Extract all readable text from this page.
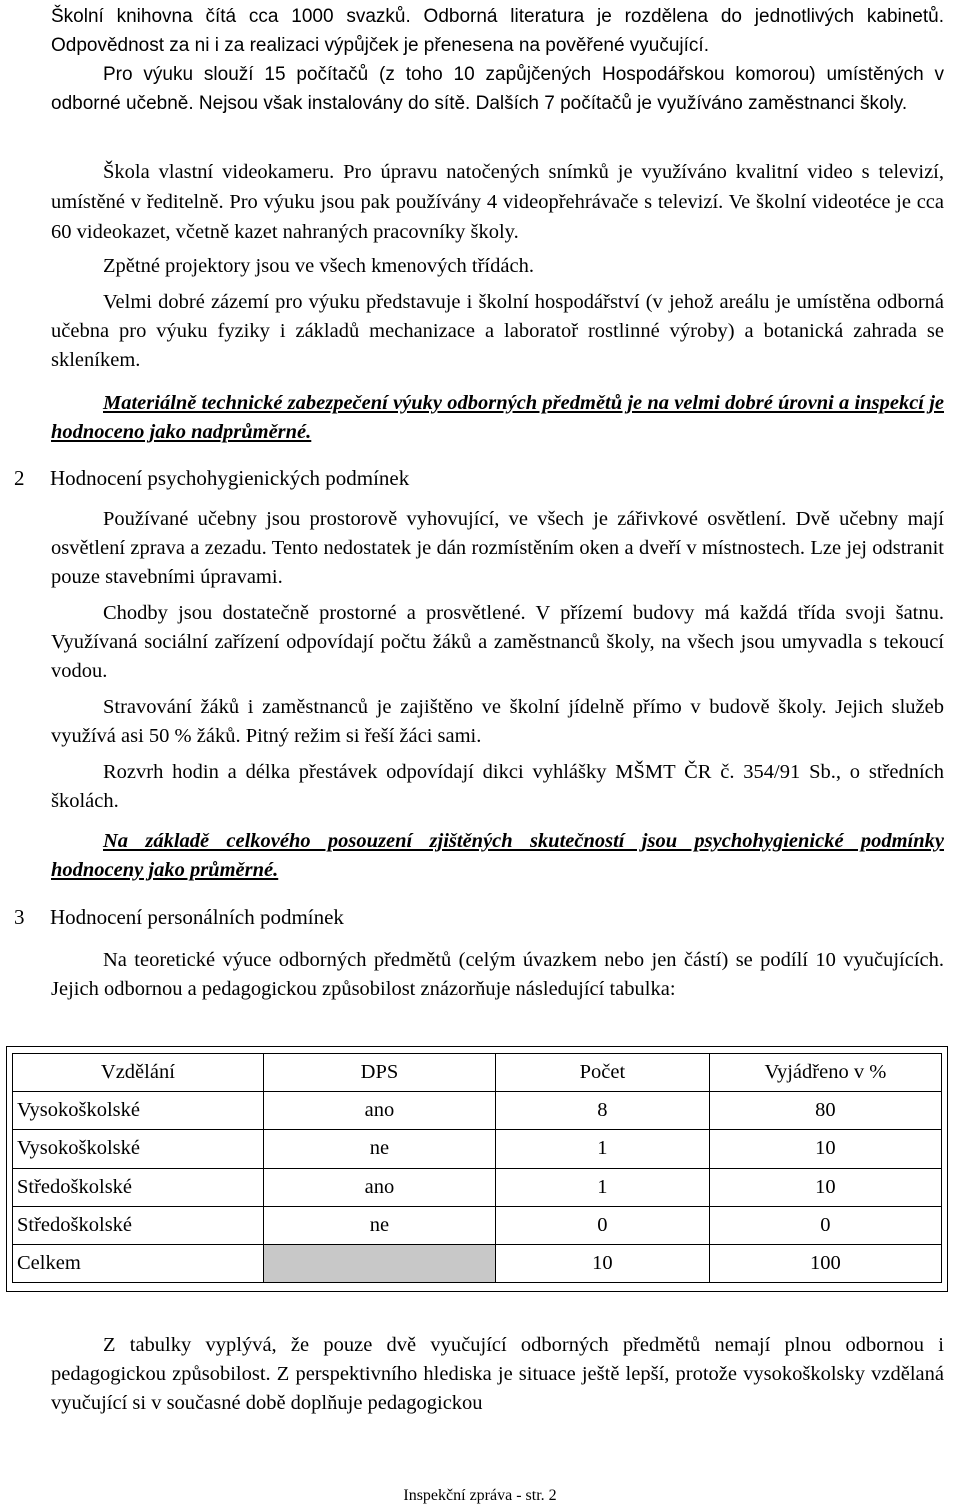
Školní knihovna čítá cca 1000 svazků. Odborná literatura je rozdělena do jednotlivých kabinetů. Odpovědnost za ni i za realizaci výpůjček je přenesena na pověřené vyučující.

Pro výuku slouží 15 počítačů (z toho 10 zapůjčených Hospodářskou komorou) umístěných v odborné učebně. Nejsou však instalovány do sítě. Dalších 7 počítačů je využíváno zaměstnanci školy.

Škola vlastní videokameru. Pro úpravu natočených snímků je využíváno kvalitní video s televizí, umístěné v ředitelně. Pro výuku jsou pak používány 4 videopřehrávače s televizí. Ve školní videotéce je cca 60 videokazet, včetně kazet nahraných pracovníky školy.

Zpětné projektory jsou ve všech kmenových třídách.

Velmi dobré zázemí pro výuku představuje i školní hospodářství (v jehož areálu je umístěna odborná učebna pro výuku fyziky i základů mechanizace a laboratoř rostlinné výroby) a botanická zahrada se skleníkem.

Materiálně technické zabezpečení výuky odborných předmětů je na velmi dobré úrovni a inspekcí je hodnoceno jako nadprůměrné.

2 Hodnocení psychohygienických podmínek

Používané učebny jsou prostorově vyhovující, ve všech je zářivkové osvětlení. Dvě učebny mají osvětlení zprava a zezadu. Tento nedostatek je dán rozmístěním oken a dveří v místnostech. Lze jej odstranit pouze stavebními úpravami.

Chodby jsou dostatečně prostorné a prosvětlené. V přízemí budovy má každá třída svoji šatnu. Využívaná sociální zařízení odpovídají počtu žáků a zaměstnanců školy, na všech jsou umyvadla s tekoucí vodou.

Stravování žáků i zaměstnanců je zajištěno ve školní jídelně přímo v budově školy. Jejich služeb využívá asi 50 % žáků. Pitný režim si řeší žáci sami.

Rozvrh hodin a délka přestávek odpovídají dikci vyhlášky MŠMT ČR č. 354/91 Sb., o středních školách.

Na základě celkového posouzení zjištěných skutečností jsou psychohygienické podmínky hodnoceny jako průměrné.

3 Hodnocení personálních podmínek

Na teoretické výuce odborných předmětů (celým úvazkem nebo jen částí) se podílí 10 vyučujících. Jejich odbornou a pedagogickou způsobilost znázorňuje následující tabulka:

Vzdělání	DPS	Počet	Vyjádřeno v %
Vysokoškolské	ano	8	80
Vysokoškolské	ne	1	10
Středoškolské	ano	1	10
Středoškolské	ne	0	0
Celkem		10	100

Z tabulky vyplývá, že pouze dvě vyučující odborných předmětů nemají plnou odbornou i pedagogickou způsobilost. Z perspektivního hlediska je situace ještě lepší, protože vysokoškolsky vzdělaná vyučující si v současné době doplňuje pedagogickou

Inspekční zpráva - str. 2
